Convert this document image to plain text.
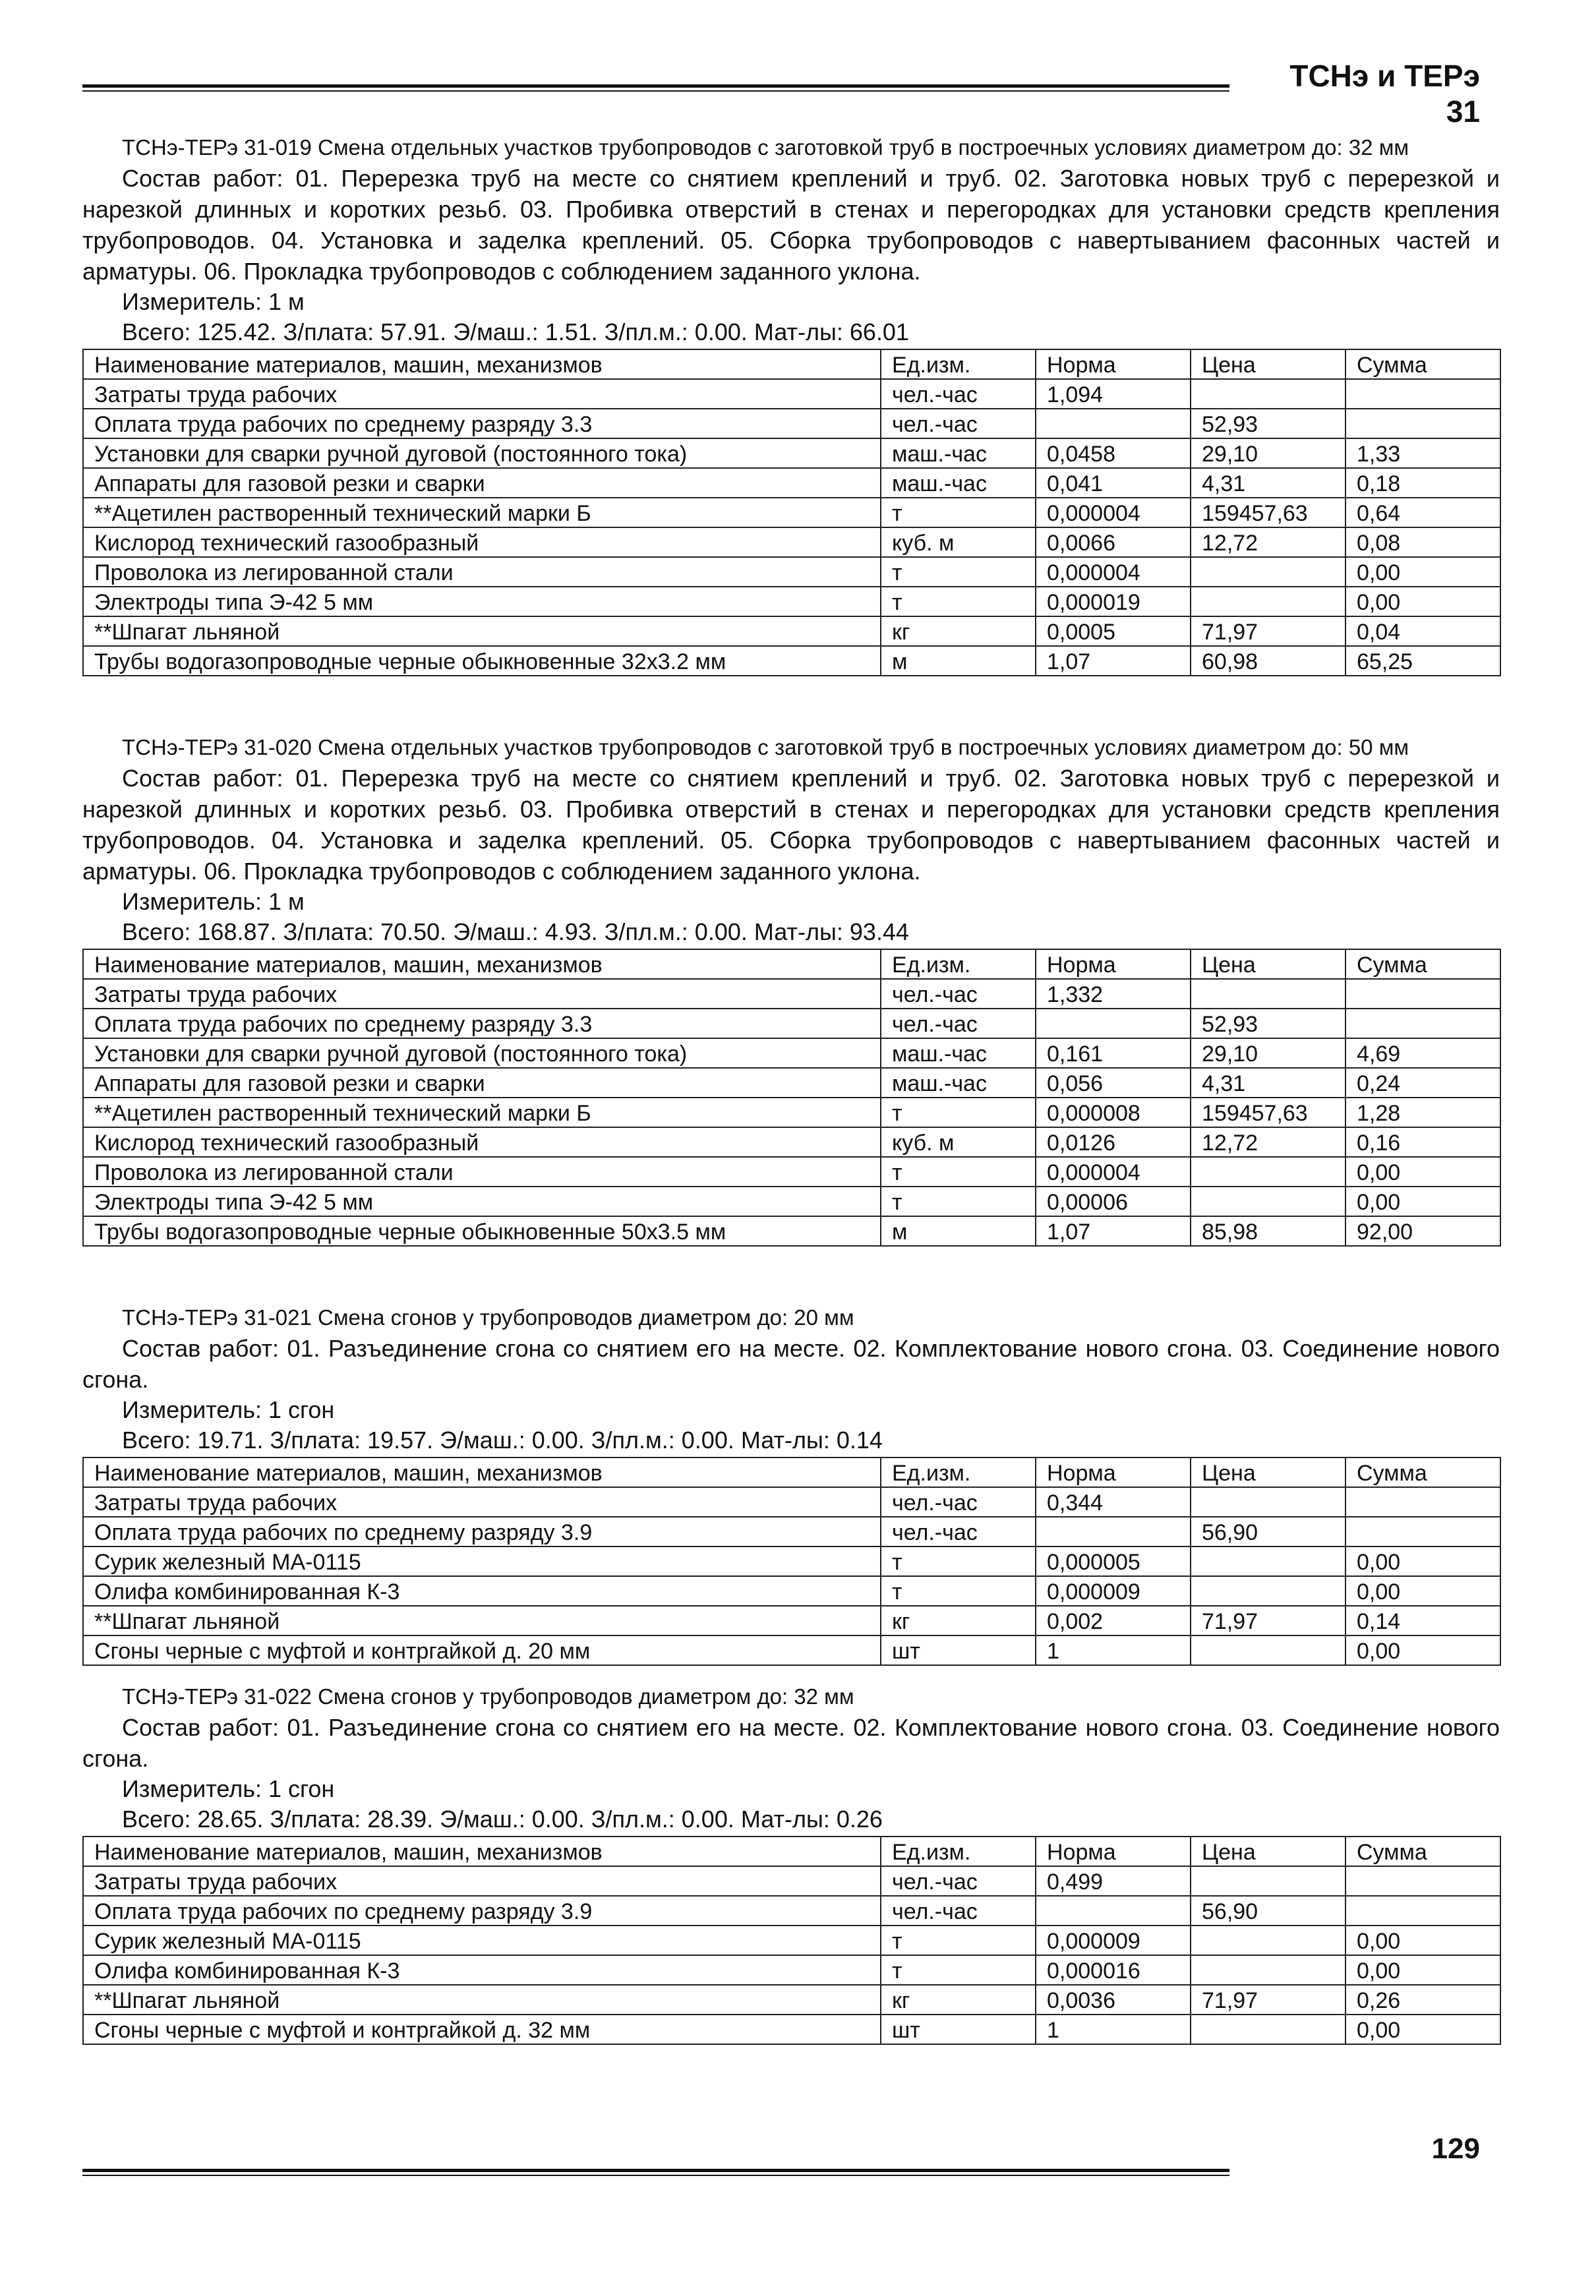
ТСНэ и ТЕРэ 31
ТСНэ-ТЕРэ 31-019 Смена отдельных участков трубопроводов с заготовкой труб в построечных условиях диаметром до: 32 мм
Состав работ: 01. Перерезка труб на месте со снятием креплений и труб. 02. Заготовка новых труб с перерезкой и нарезкой длинных и коротких резьб. 03. Пробивка отверстий в стенах и перегородках для установки средств крепления трубопроводов. 04. Установка и заделка креплений. 05. Сборка трубопроводов с навертыванием фасонных частей и арматуры. 06. Прокладка трубопроводов с соблюдением заданного уклона.
Измеритель: 1 м
Всего: 125.42. З/плата: 57.91. Э/маш.: 1.51. З/пл.м.: 0.00. Мат-лы: 66.01
Наименование материалов, машин, механизмов	Ед.изм.	Норма	Цена	Сумма
Затраты труда рабочих	чел.-час	1,094		
Оплата труда рабочих по среднему разряду 3.3	чел.-час		52,93	
Установки для сварки ручной дуговой (постоянного тока)	маш.-час	0,0458	29,10	1,33
Аппараты для газовой резки и сварки	маш.-час	0,041	4,31	0,18
**Ацетилен растворенный технический марки Б	т	0,000004	159457,63	0,64
Кислород технический газообразный	куб. м	0,0066	12,72	0,08
Проволока из легированной стали	т	0,000004		0,00
Электроды типа Э-42 5 мм	т	0,000019		0,00
**Шпагат льняной	кг	0,0005	71,97	0,04
Трубы водогазопроводные черные обыкновенные 32x3.2 мм	м	1,07	60,98	65,25
ТСНэ-ТЕРэ 31-020 Смена отдельных участков трубопроводов с заготовкой труб в построечных условиях диаметром до: 50 мм
Состав работ: 01. Перерезка труб на месте со снятием креплений и труб. 02. Заготовка новых труб с перерезкой и нарезкой длинных и коротких резьб. 03. Пробивка отверстий в стенах и перегородках для установки средств крепления трубопроводов. 04. Установка и заделка креплений. 05. Сборка трубопроводов с навертыванием фасонных частей и арматуры. 06. Прокладка трубопроводов с соблюдением заданного уклона.
Измеритель: 1 м
Всего: 168.87. З/плата: 70.50. Э/маш.: 4.93. З/пл.м.: 0.00. Мат-лы: 93.44
Наименование материалов, машин, механизмов	Ед.изм.	Норма	Цена	Сумма
Затраты труда рабочих	чел.-час	1,332		
Оплата труда рабочих по среднему разряду 3.3	чел.-час		52,93	
Установки для сварки ручной дуговой (постоянного тока)	маш.-час	0,161	29,10	4,69
Аппараты для газовой резки и сварки	маш.-час	0,056	4,31	0,24
**Ацетилен растворенный технический марки Б	т	0,000008	159457,63	1,28
Кислород технический газообразный	куб. м	0,0126	12,72	0,16
Проволока из легированной стали	т	0,000004		0,00
Электроды типа Э-42 5 мм	т	0,00006		0,00
Трубы водогазопроводные черные обыкновенные 50x3.5 мм	м	1,07	85,98	92,00
ТСНэ-ТЕРэ 31-021 Смена сгонов у трубопроводов диаметром до: 20 мм
Состав работ: 01. Разъединение сгона со снятием его на месте. 02. Комплектование нового сгона. 03. Соединение нового сгона.
Измеритель: 1 сгон
Всего: 19.71. З/плата: 19.57. Э/маш.: 0.00. З/пл.м.: 0.00. Мат-лы: 0.14
Наименование материалов, машин, механизмов	Ед.изм.	Норма	Цена	Сумма
Затраты труда рабочих	чел.-час	0,344		
Оплата труда рабочих по среднему разряду 3.9	чел.-час		56,90	
Сурик железный МА-0115	т	0,000005		0,00
Олифа комбинированная К-3	т	0,000009		0,00
**Шпагат льняной	кг	0,002	71,97	0,14
Сгоны черные с муфтой и контргайкой д. 20 мм	шт	1		0,00
ТСНэ-ТЕРэ 31-022 Смена сгонов у трубопроводов диаметром до: 32 мм
Состав работ: 01. Разъединение сгона со снятием его на месте. 02. Комплектование нового сгона. 03. Соединение нового сгона.
Измеритель: 1 сгон
Всего: 28.65. З/плата: 28.39. Э/маш.: 0.00. З/пл.м.: 0.00. Мат-лы: 0.26
Наименование материалов, машин, механизмов	Ед.изм.	Норма	Цена	Сумма
Затраты труда рабочих	чел.-час	0,499		
Оплата труда рабочих по среднему разряду 3.9	чел.-час		56,90	
Сурик железный МА-0115	т	0,000009		0,00
Олифа комбинированная К-3	т	0,000016		0,00
**Шпагат льняной	кг	0,0036	71,97	0,26
Сгоны черные с муфтой и контргайкой д. 32 мм	шт	1		0,00
129
